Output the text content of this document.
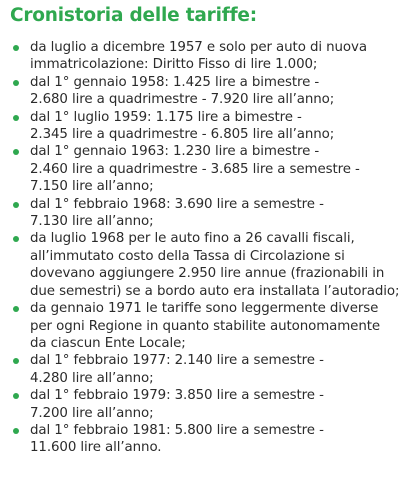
Cronistoria delle tariffe:
da luglio a dicembre 1957 e solo per auto di nuova
immatricolazione: Diritto Fisso di lire 1.000;
dal 1° gennaio 1958: 1.425 lire a bimestre -
2.680 lire a quadrimestre - 7.920 lire all’anno;
dal 1° luglio 1959: 1.175 lire a bimestre -
2.345 lire a quadrimestre - 6.805 lire all’anno;
dal 1° gennaio 1963: 1.230 lire a bimestre -
2.460 lire a quadrimestre - 3.685 lire a semestre -
7.150 lire all’anno;
dal 1° febbraio 1968: 3.690 lire a semestre -
7.130 lire all’anno;
da luglio 1968 per le auto fino a 26 cavalli fiscali,
all’immutato costo della Tassa di Circolazione si
dovevano aggiungere 2.950 lire annue (frazionabili in
due semestri) se a bordo auto era installata l’autoradio;
da gennaio 1971 le tariffe sono leggermente diverse
per ogni Regione in quanto stabilite autonomamente
da ciascun Ente Locale;
dal 1° febbraio 1977: 2.140 lire a semestre -
4.280 lire all’anno;
dal 1° febbraio 1979: 3.850 lire a semestre -
7.200 lire all’anno;
dal 1° febbraio 1981: 5.800 lire a semestre -
11.600 lire all’anno.
